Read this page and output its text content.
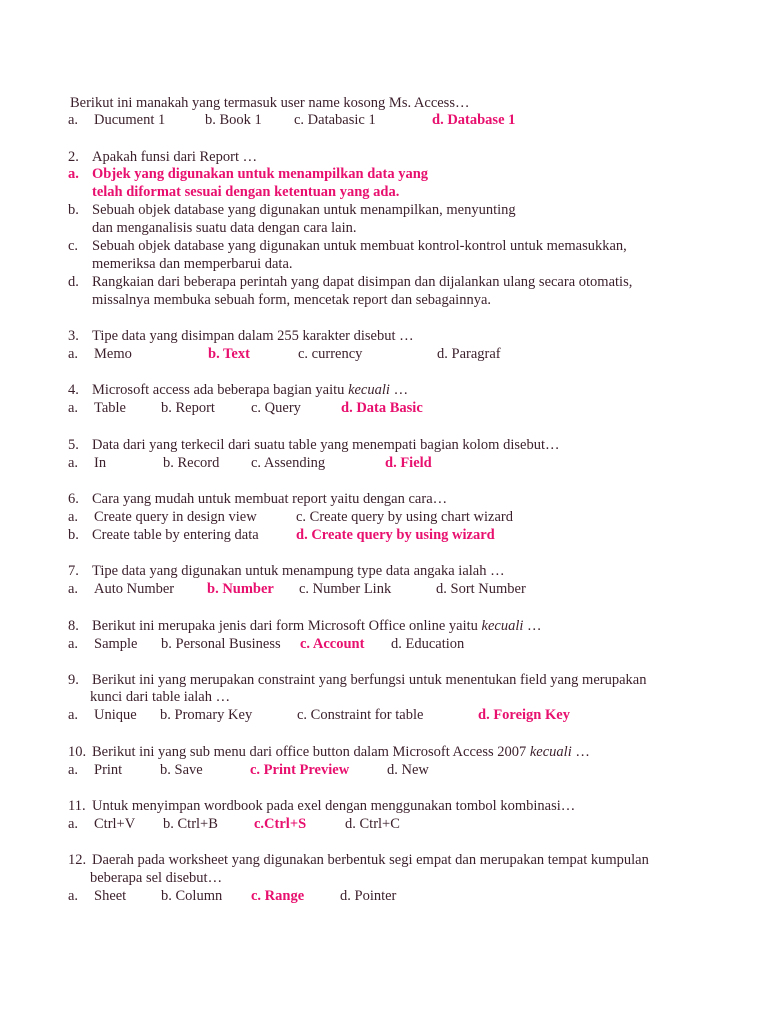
Berikut ini manakah yang termasuk user name kosong Ms. Access…
a. Ducument 1	b. Book 1 c. Databasic 1	d. Database 1
2. Apakah funsi dari Report …
a. Objek yang digunakan untuk menampilkan data yang
telah diformat sesuai dengan ketentuan yang ada.
b. Sebuah objek database yang digunakan untuk menampilkan, menyunting
dan menganalisis suatu data dengan cara lain.
c. Sebuah objek database yang digunakan untuk membuat kontrol-kontrol untuk memasukkan,
memeriksa dan memperbarui data.
d. Rangkaian dari beberapa perintah yang dapat disimpan dan dijalankan ulang secara otomatis,
missalnya membuka sebuah form, mencetak report dan sebagainnya.
3. Tipe data yang disimpan dalam 255 karakter disebut …
a. Memo	b. Text	c. currency	d. Paragraf
4. Microsoft access ada beberapa bagian yaitu kecuali …
a. Table b. Report c. Query	d. Data Basic
5. Data dari yang terkecil dari suatu table yang menempati bagian kolom disebut…
a. In	b. Record c. Assending	d. Field
6. Cara yang mudah untuk membuat report yaitu dengan cara…
a. Create query in design view	c. Create query by using chart wizard
b. Create table by entering data	d. Create query by using wizard
7. Tipe data yang digunakan untuk menampung type data angaka ialah …
a. Auto Number b. Number c. Number Link	d. Sort Number
8. Berikut ini merupaka jenis dari form Microsoft Office online yaitu kecuali …
a. Sample b. Personal Business c. Account d. Education
9. Berikut ini yang merupakan constraint yang berfungsi untuk menentukan field yang merupakan
kunci dari table ialah …
a. Unique b. Promary Key	c. Constraint for table	d. Foreign Key
10. Berikut ini yang sub menu dari office button dalam Microsoft Access 2007 kecuali …
a. Print	b. Save	c. Print Preview	d. New
11. Untuk menyimpan wordbook pada exel dengan menggunakan tombol kombinasi…
a. Ctrl+V b. Ctrl+B c.Ctrl+S	d. Ctrl+C
12. Daerah pada worksheet yang digunakan berbentuk segi empat dan merupakan tempat kumpulan
beberapa sel disebut…
a. Sheet b. Column c. Range d. Pointer
